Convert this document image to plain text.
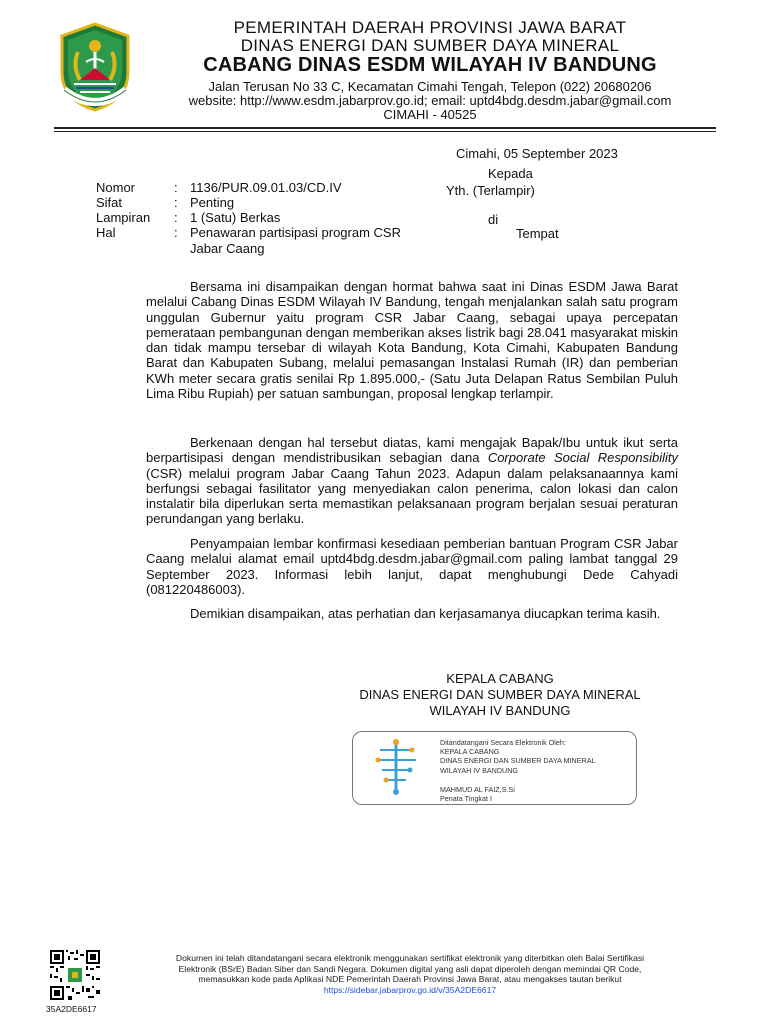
PEMERINTAH DAERAH PROVINSI JAWA BARAT
DINAS ENERGI DAN SUMBER DAYA MINERAL
CABANG DINAS ESDM WILAYAH IV BANDUNG
Jalan Terusan No 33 C, Kecamatan Cimahi Tengah, Telepon (022) 20680206
website: http://www.esdm.jabarprov.go.id; email: uptd4bdg.desdm.jabar@gmail.com
CIMAHI - 40525
Cimahi, 05 September 2023
Kepada
Yth. (Terlampir)
di
Tempat
Nomor	: 1136/PUR.09.01.03/CD.IV
Sifat	: Penting
Lampiran	: 1 (Satu) Berkas
Hal	: Penawaran partisipasi program CSR Jabar Caang

Bersama ini disampaikan dengan hormat bahwa saat ini Dinas ESDM Jawa Barat melalui Cabang Dinas ESDM Wilayah IV Bandung, tengah menjalankan salah satu program unggulan Gubernur yaitu program CSR Jabar Caang, sebagai upaya percepatan pemerataan pembangunan dengan memberikan akses listrik bagi 28.041 masyarakat miskin dan tidak mampu tersebar di wilayah Kota Bandung, Kota Cimahi, Kabupaten Bandung Barat dan Kabupaten Subang, melalui pemasangan Instalasi Rumah (IR) dan pemberian KWh meter secara gratis senilai Rp 1.895.000,- (Satu Juta Delapan Ratus Sembilan Puluh Lima Ribu Rupiah) per satuan sambungan, proposal lengkap terlampir.

Berkenaan dengan hal tersebut diatas, kami mengajak Bapak/Ibu untuk ikut serta berpartisipasi dengan mendistribusikan sebagian dana Corporate Social Responsibility (CSR) melalui program Jabar Caang Tahun 2023. Adapun dalam pelaksanaannya kami berfungsi sebagai fasilitator yang menyediakan calon penerima, calon lokasi dan calon instalatir bila diperlukan serta memastikan pelaksanaan program berjalan sesuai peraturan perundangan yang berlaku.

Penyampaian lembar konfirmasi kesediaan pemberian bantuan Program CSR Jabar Caang melalui alamat email uptd4bdg.desdm.jabar@gmail.com paling lambat tanggal 29 September 2023. Informasi lebih lanjut, dapat menghubungi Dede Cahyadi (081220486003).

Demikian disampaikan, atas perhatian dan kerjasamanya diucapkan terima kasih.

KEPALA CABANG
DINAS ENERGI DAN SUMBER DAYA MINERAL
WILAYAH IV BANDUNG
Ditandatangani Secara Elektronik Oleh:
KEPALA CABANG
DINAS ENERGI DAN SUMBER DAYA MINERAL
WILAYAH IV BANDUNG
MAHMUD AL FAIZ,S.Si
Penata Tingkat I
35A2DE6617
Dokumen ini telah ditandatangani secara elektronik menggunakan sertifikat elektronik yang diterbitkan oleh Balai Sertifikasi
Elektronik (BSrE) Badan Siber dan Sandi Negara. Dokumen digital yang asli dapat diperoleh dengan memindai QR Code,
memasukkan kode pada Aplikasi NDE Pemerintah Daerah Provinsi Jawa Barat, atau mengakses tautan berikut
https://sidebar.jabarprov.go.id/v/35A2DE6617
